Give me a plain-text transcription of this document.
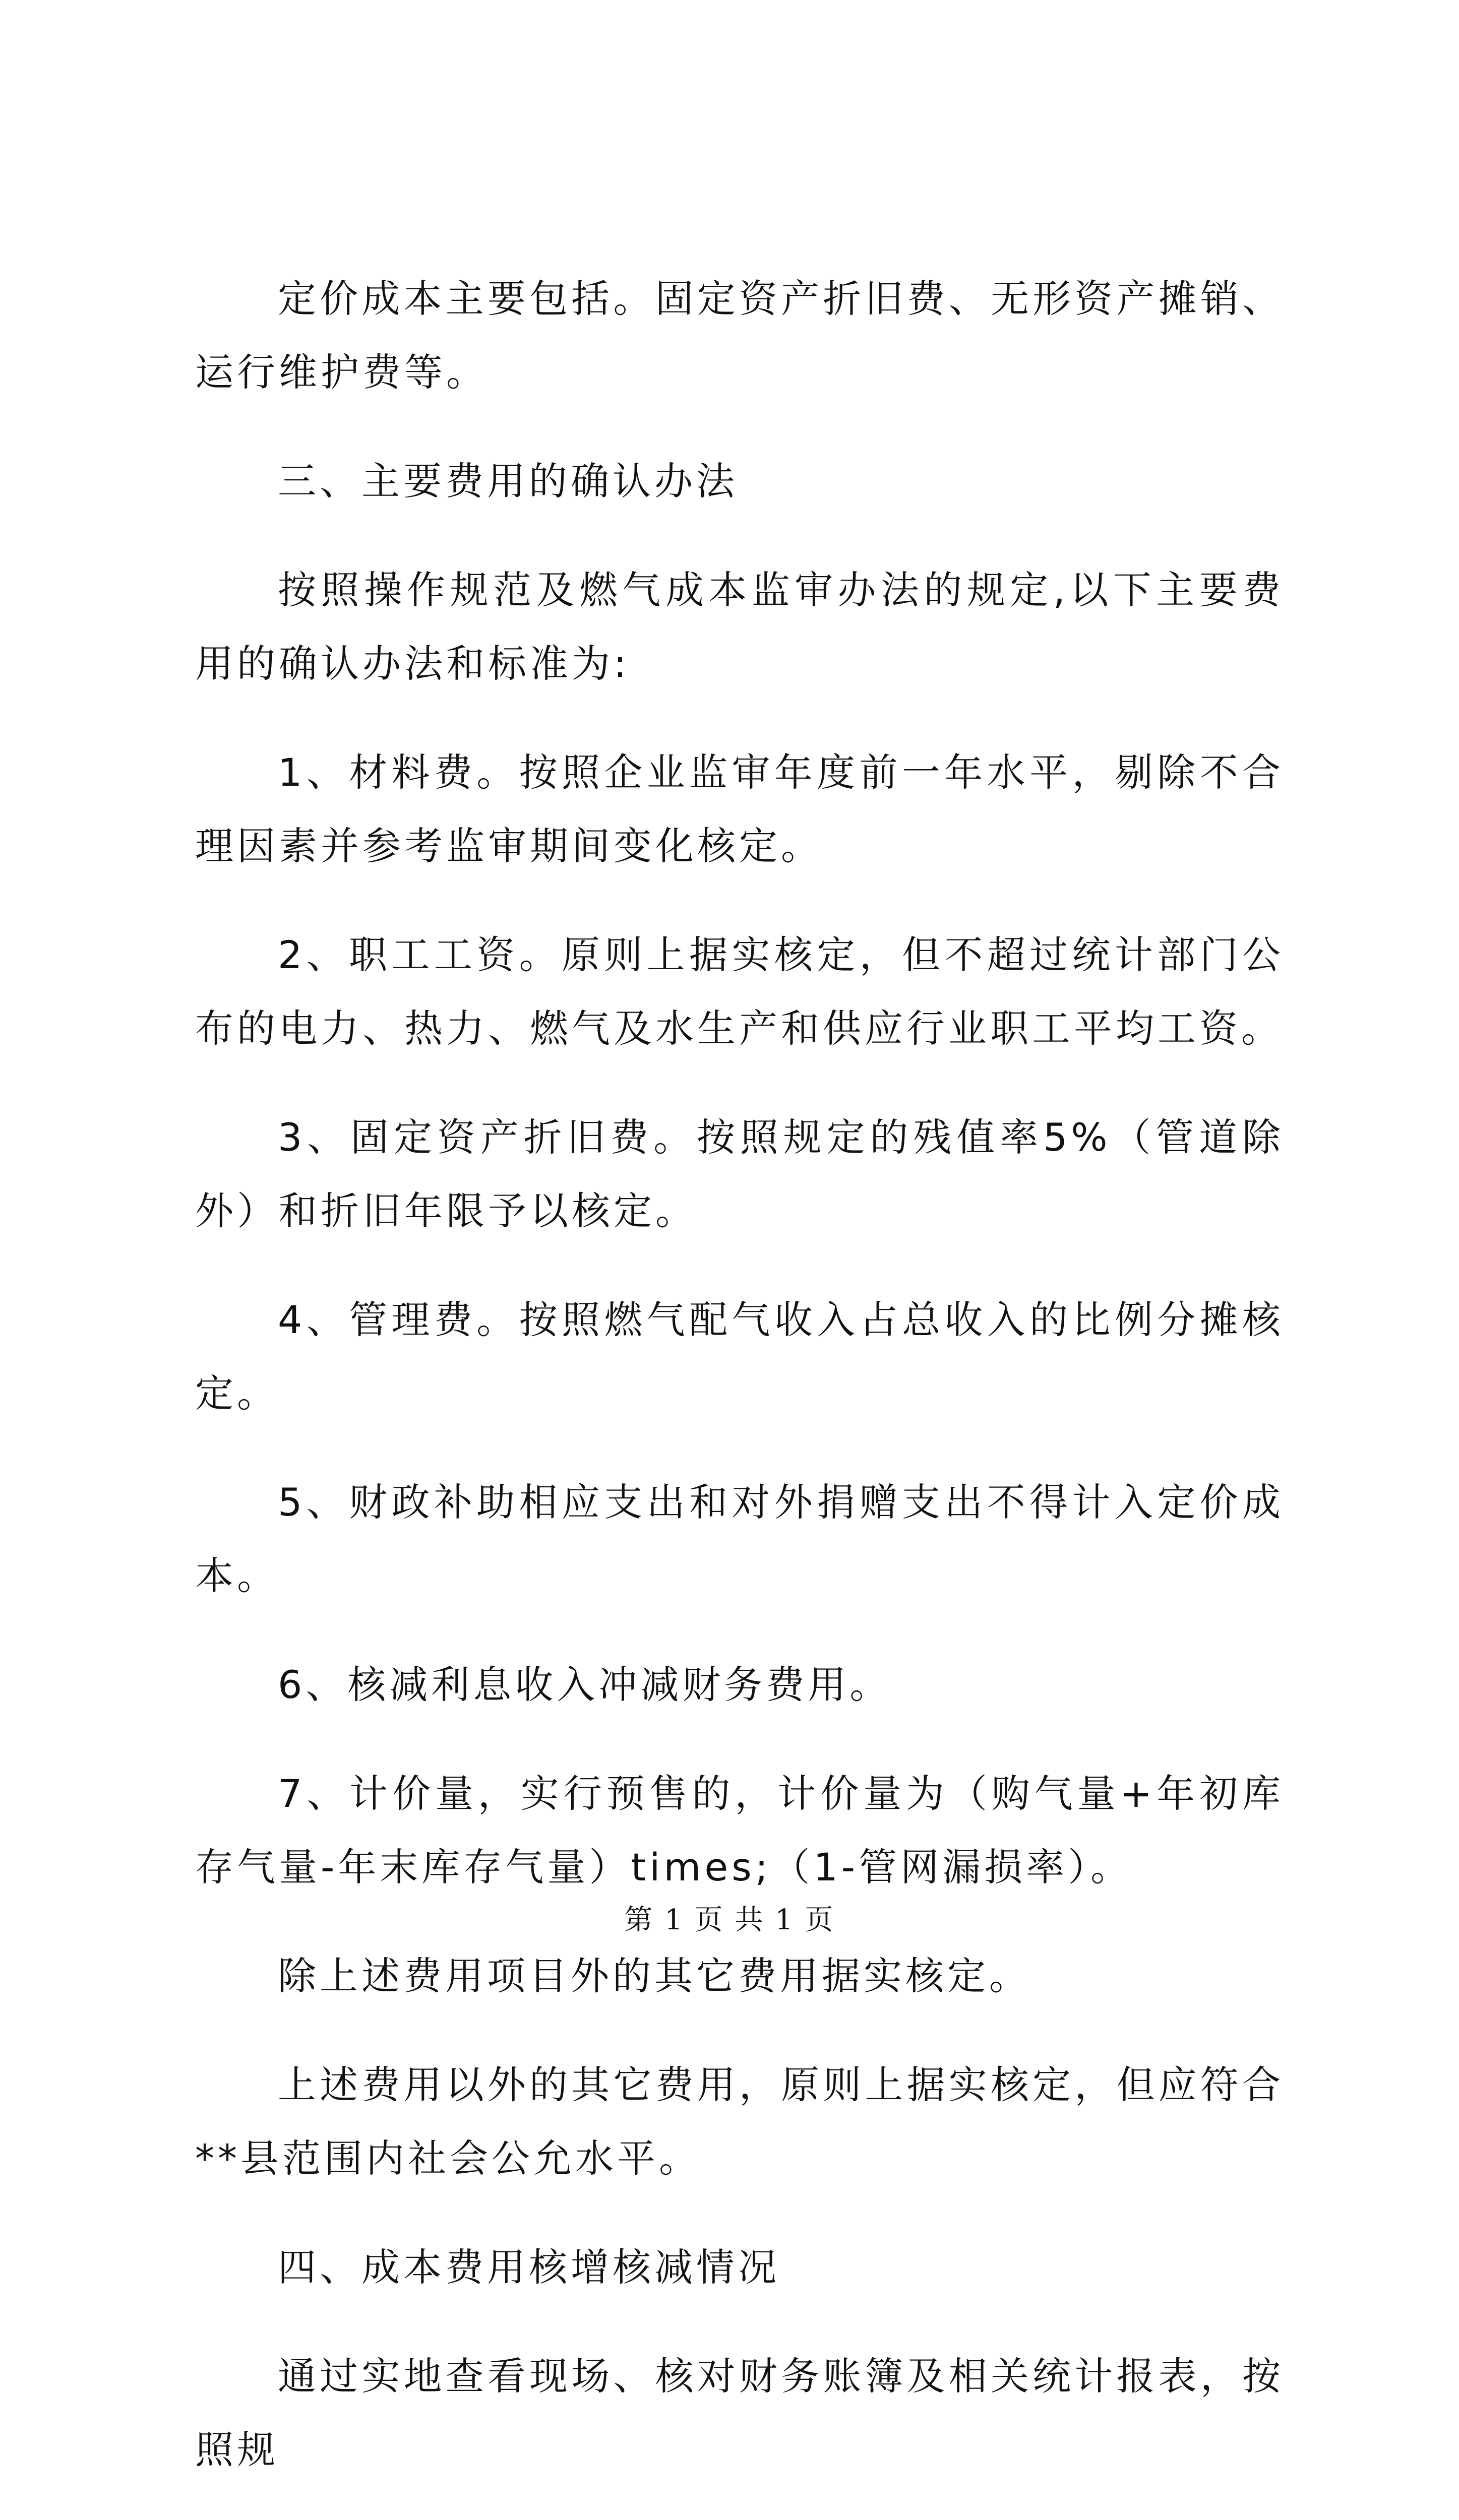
定价成本主要包括。固定资产折旧费、无形资产摊销、运行维护费等。

三、主要费用的确认办法

按照操作规范及燃气成本监审办法的规定,以下主要费用的确认办法和标准为:

1、材料费。按照企业监审年度前一年水平，剔除不合理因素并参考监审期间变化核定。

2、职工工资。原则上据实核定，但不超过统计部门公布的电力、热力、燃气及水生产和供应行业职工平均工资。

3、固定资产折旧费。按照规定的残值率5%（管道除外）和折旧年限予以核定。

4、管理费。按照燃气配气收入占总收入的比例分摊核定。

5、财政补助相应支出和对外捐赠支出不得计入定价成本。

6、核减利息收入冲减财务费用。

7、计价量，实行预售的，计价量为（购气量+年初库存气量-年末库存气量）times;（1-管网漏损率）。

除上述费用项目外的其它费用据实核定。

上述费用以外的其它费用，原则上据实核定，但应符合**县范围内社会公允水平。

四、成本费用核增核减情况

通过实地查看现场、核对财务账簿及相关统计报表，按照规

第 1 页 共 1 页
